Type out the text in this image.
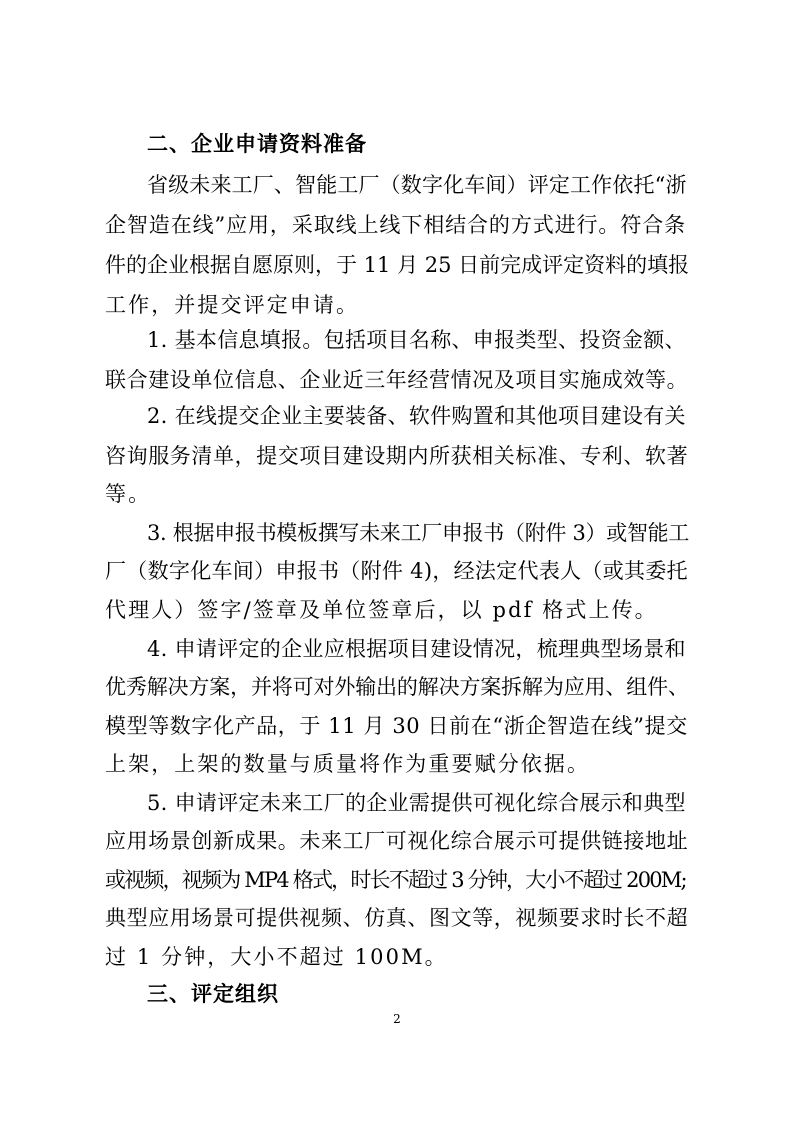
二、企业申请资料准备
省级未来工厂、智能工厂（数字化车间）评定工作依托“浙
企智造在线”应用，采取线上线下相结合的方式进行。符合条
件的企业根据自愿原则，于 11 月 25 日前完成评定资料的填报
工作，并提交评定申请。
1. 基本信息填报。包括项目名称、申报类型、投资金额、
联合建设单位信息、企业近三年经营情况及项目实施成效等。
2. 在线提交企业主要装备、软件购置和其他项目建设有关
咨询服务清单，提交项目建设期内所获相关标准、专利、软著
等。
3. 根据申报书模板撰写未来工厂申报书（附件 3）或智能工
厂（数字化车间）申报书（附件 4)，经法定代表人（或其委托
代理人）签字/签章及单位签章后，以 pdf 格式上传。
4. 申请评定的企业应根据项目建设情况，梳理典型场景和
优秀解决方案，并将可对外输出的解决方案拆解为应用、组件、
模型等数字化产品，于 11 月 30 日前在“浙企智造在线”提交
上架，上架的数量与质量将作为重要赋分依据。
5. 申请评定未来工厂的企业需提供可视化综合展示和典型
应用场景创新成果。未来工厂可视化综合展示可提供链接地址
或视频，视频为 MP4 格式，时长不超过 3 分钟，大小不超过 200M;
典型应用场景可提供视频、仿真、图文等，视频要求时长不超
过 1 分钟，大小不超过 100M。
三、评定组织
2
